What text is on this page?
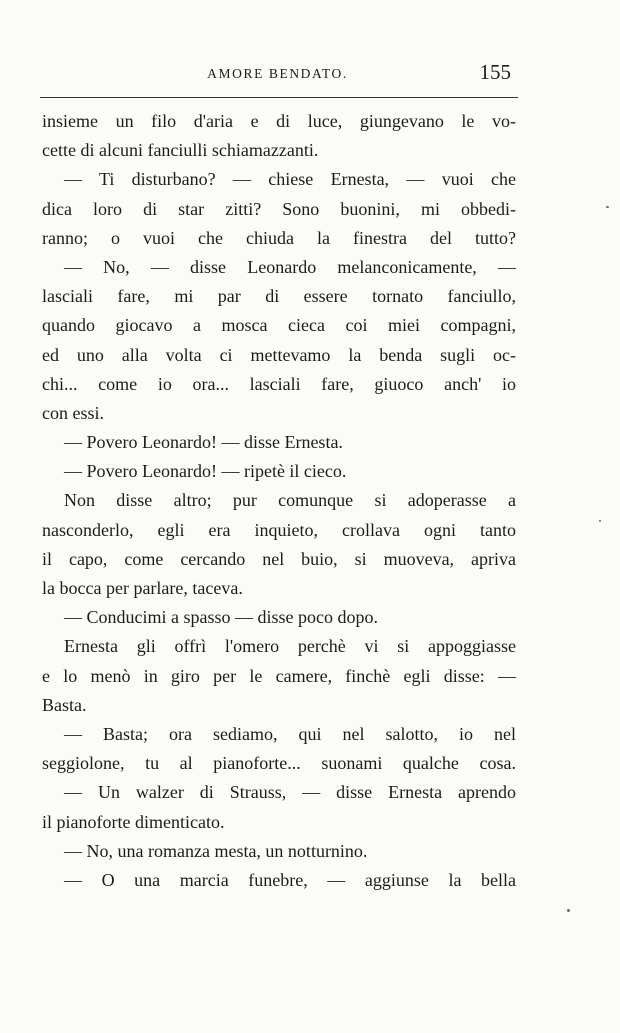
AMORE BENDATO.	155
insieme un filo d'aria e di luce, giungevano le vo-
cette di alcuni fanciulli schiamazzanti.
— Ti disturbano? — chiese Ernesta, — vuoi che
dica loro di star zitti? Sono buonini, mi obbedi-
ranno; o vuoi che chiuda la finestra del tutto?
— No, — disse Leonardo melanconicamente, —
lasciali fare, mi par di essere tornato fanciullo,
quando giocavo a mosca cieca coi miei compagni,
ed uno alla volta ci mettevamo la benda sugli oc-
chi... come io ora... lasciali fare, giuoco anch' io
con essi.
— Povero Leonardo! — disse Ernesta.
— Povero Leonardo! — ripetè il cieco.
Non disse altro; pur comunque si adoperasse a
nasconderlo, egli era inquieto, crollava ogni tanto
il capo, come cercando nel buio, si muoveva, apriva
la bocca per parlare, taceva.
— Conducimi a spasso — disse poco dopo.
Ernesta gli offrì l'omero perchè vi si appoggiasse
e lo menò in giro per le camere, finchè egli disse: —
Basta.
— Basta; ora sediamo, qui nel salotto, io nel
seggiolone, tu al pianoforte... suonami qualche cosa.
— Un walzer di Strauss, — disse Ernesta aprendo
il pianoforte dimenticato.
— No, una romanza mesta, un notturnino.
— O una marcia funebre, — aggiunse la bella
